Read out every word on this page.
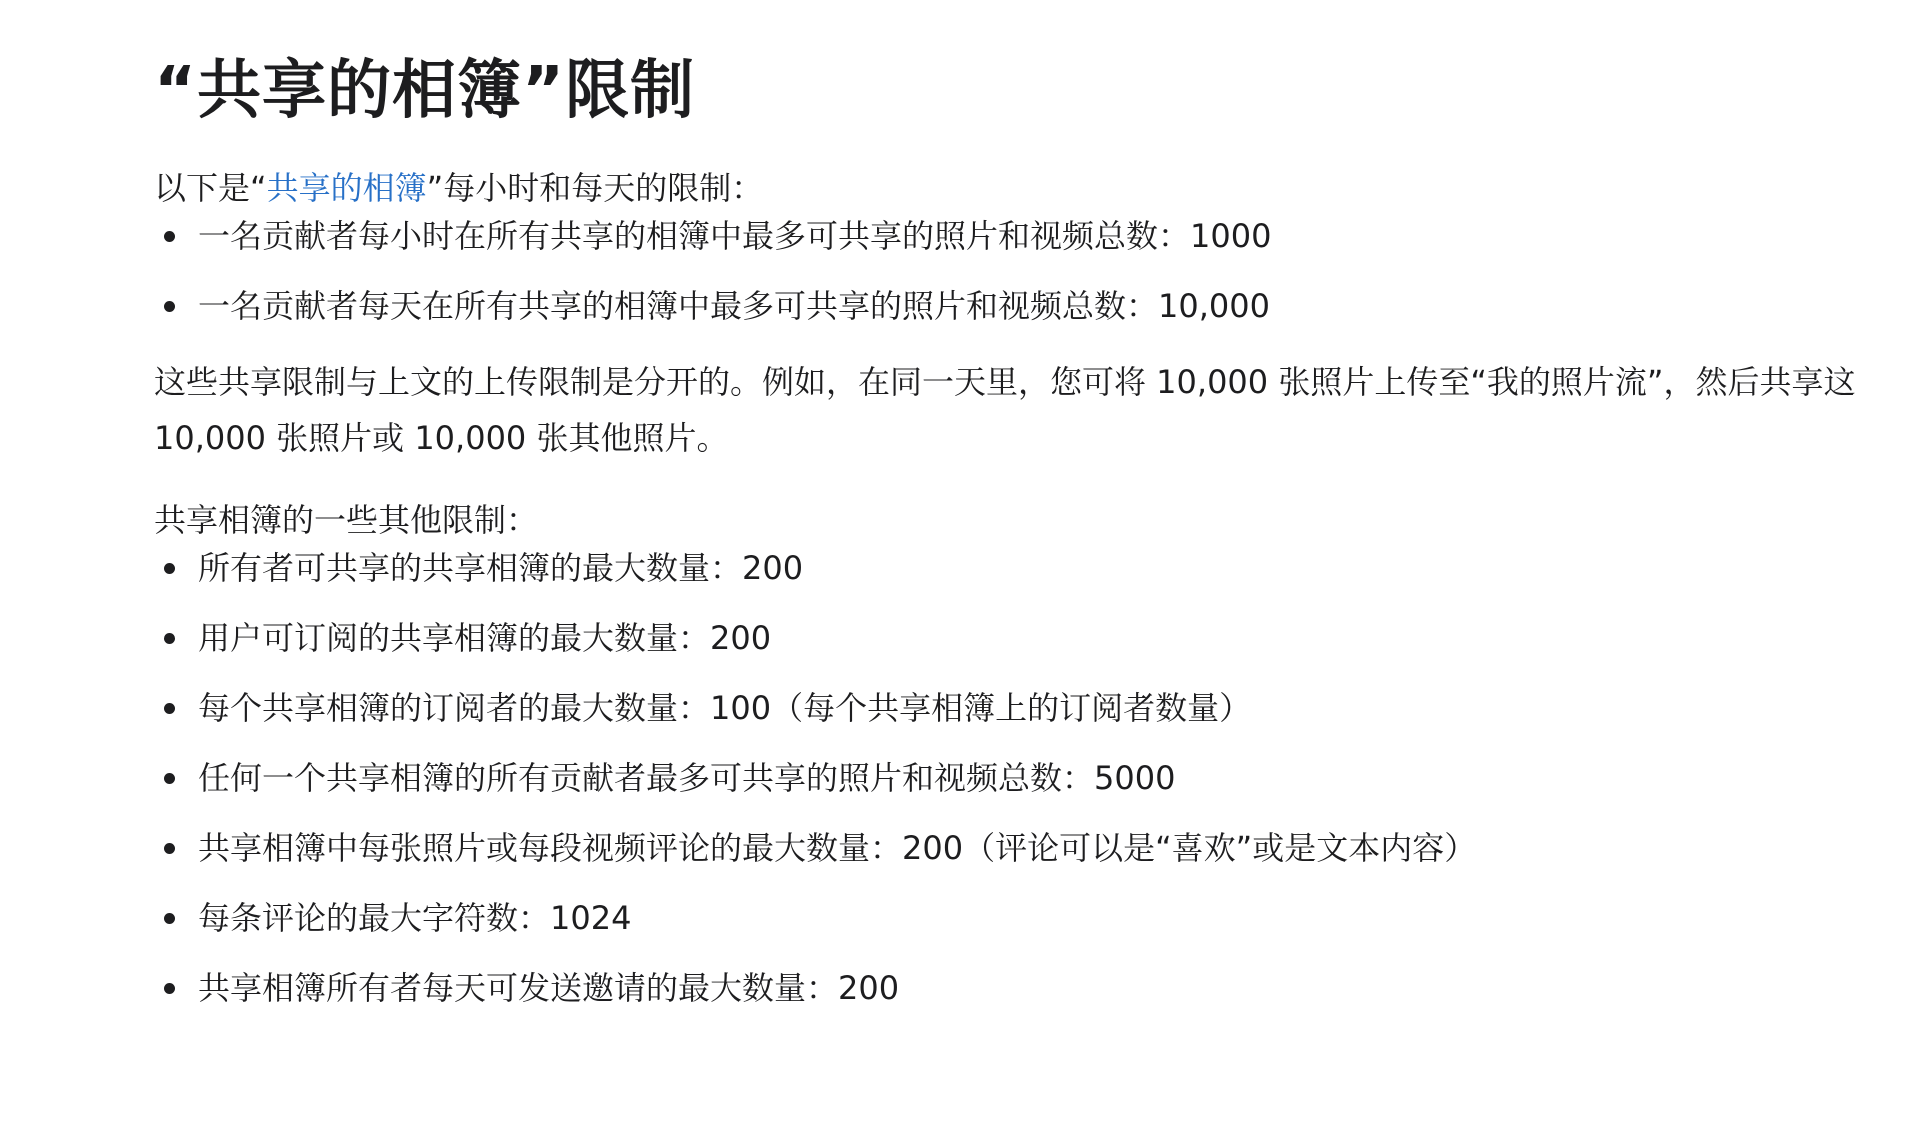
“共享的相簿”限制

以下是“共享的相簿”每小时和每天的限制：

一名贡献者每小时在所有共享的相簿中最多可共享的照片和视频总数：1000
一名贡献者每天在所有共享的相簿中最多可共享的照片和视频总数：10,000

这些共享限制与上文的上传限制是分开的。例如，在同一天里，您可将 10,000 张照片上传至“我的照片流”，然后共享这 10,000 张照片或 10,000 张其他照片。

共享相簿的一些其他限制：

所有者可共享的共享相簿的最大数量：200
用户可订阅的共享相簿的最大数量：200
每个共享相簿的订阅者的最大数量：100（每个共享相簿上的订阅者数量）
任何一个共享相簿的所有贡献者最多可共享的照片和视频总数：5000
共享相簿中每张照片或每段视频评论的最大数量：200（评论可以是“喜欢”或是文本内容）
每条评论的最大字符数：1024
共享相簿所有者每天可发送邀请的最大数量：200
